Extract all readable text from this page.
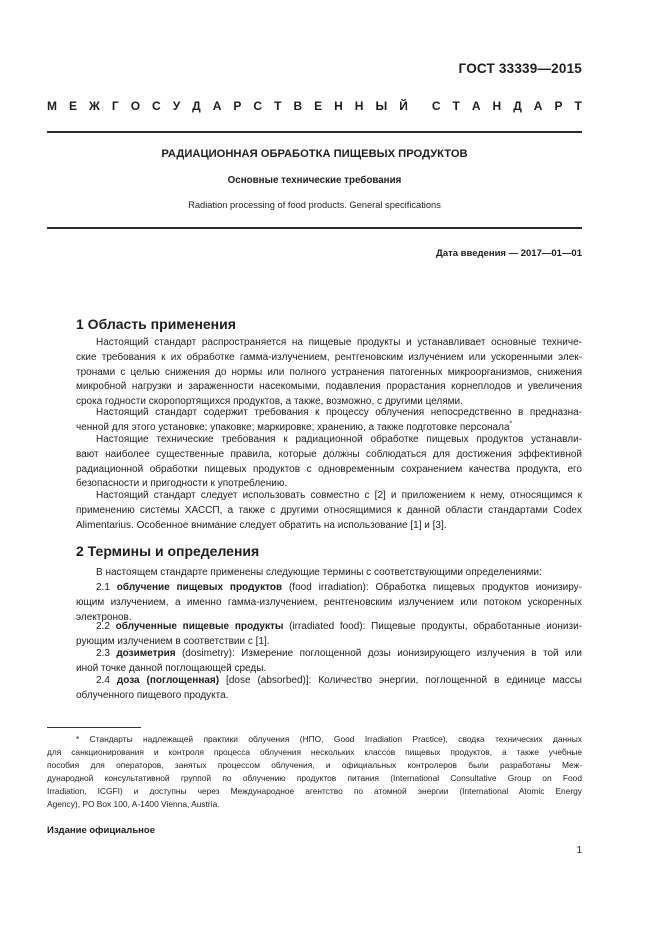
ГОСТ 33339—2015
М Е Ж Г О С У Д А Р С Т В Е Н Н Ы Й С Т А Н Д А Р Т
РАДИАЦИОННАЯ ОБРАБОТКА ПИЩЕВЫХ ПРОДУКТОВ
Основные технические требования
Radiation processing of food products. General specifications
Дата введения — 2017—01—01
1 Область применения
Настоящий стандарт распространяется на пищевые продукты и устанавливает основные техниче-
ские требования к их обработке гамма-излучением, рентгеновским излучением или ускоренными элек-
тронами с целью снижения до нормы или полного устранения патогенных микроорганизмов, снижения
микробной нагрузки и зараженности насекомыми, подавления прорастания корнеплодов и увеличения
срока годности скоропортящихся продуктов, а также, возможно, с другими целями.
Настоящий стандарт содержит требования к процессу облучения непосредственно в предназна-
ченной для этого установке; упаковке; маркировке; хранению, а также подготовке персонала*
Настоящие технические требования к радиационной обработке пищевых продуктов устанавли-
вают наиболее существенные правила, которые должны соблюдаться для достижения эффективной
радиационной обработки пищевых продуктов с одновременным сохранением качества продукта, его
безопасности и пригодности к употреблению.
Настоящий стандарт следует использовать совместно с [2] и приложением к нему, относящимся к
применению системы ХАССП, а также с другими относящимися к данной области стандартами Codex
Alimentarius. Особенное внимание следует обратить на использование [1] и [3].
2 Термины и определения
В настоящем стандарте применены следующие термины с соответствующими определениями:
2.1 облучение пищевых продуктов (food irradiation): Обработка пищевых продуктов ионизиру-
ющим излучением, а именно гамма-излучением, рентгеновским излучением или потоком ускоренных
электронов.
2.2 облученные пищевые продукты (irradiated food): Пищевые продукты, обработанные ионизи-
рующим излучением в соответствии с [1].
2.3 дозиметрия (dosimetry): Измерение поглощенной дозы ионизирующего излучения в той или
иной точке данной поглощающей среды.
2.4 доза (поглощенная) [dose (absorbed)]: Количество энергии, поглощенной в единице массы
облученного пищевого продукта.
* Стандарты надлежащей практики облучения (НПО, Good Irradiation Practice), сводка технических данных
для санкционирования и контроля процесса облучения нескольких классов пищевых продуктов, а также учебные
пособия для операторов, занятых процессом облучения, и официальных контролеров были разработаны Меж-
дународной консультативной группой по облучению продуктов питания (International Consultative Group on Food
Irradiation, ICGFI) и доступны через Международное агентство по атомной энергии (International Atomic Energy
Agency), PO Box 100, A-1400 Vienna, Austria.
Издание официальное
1
